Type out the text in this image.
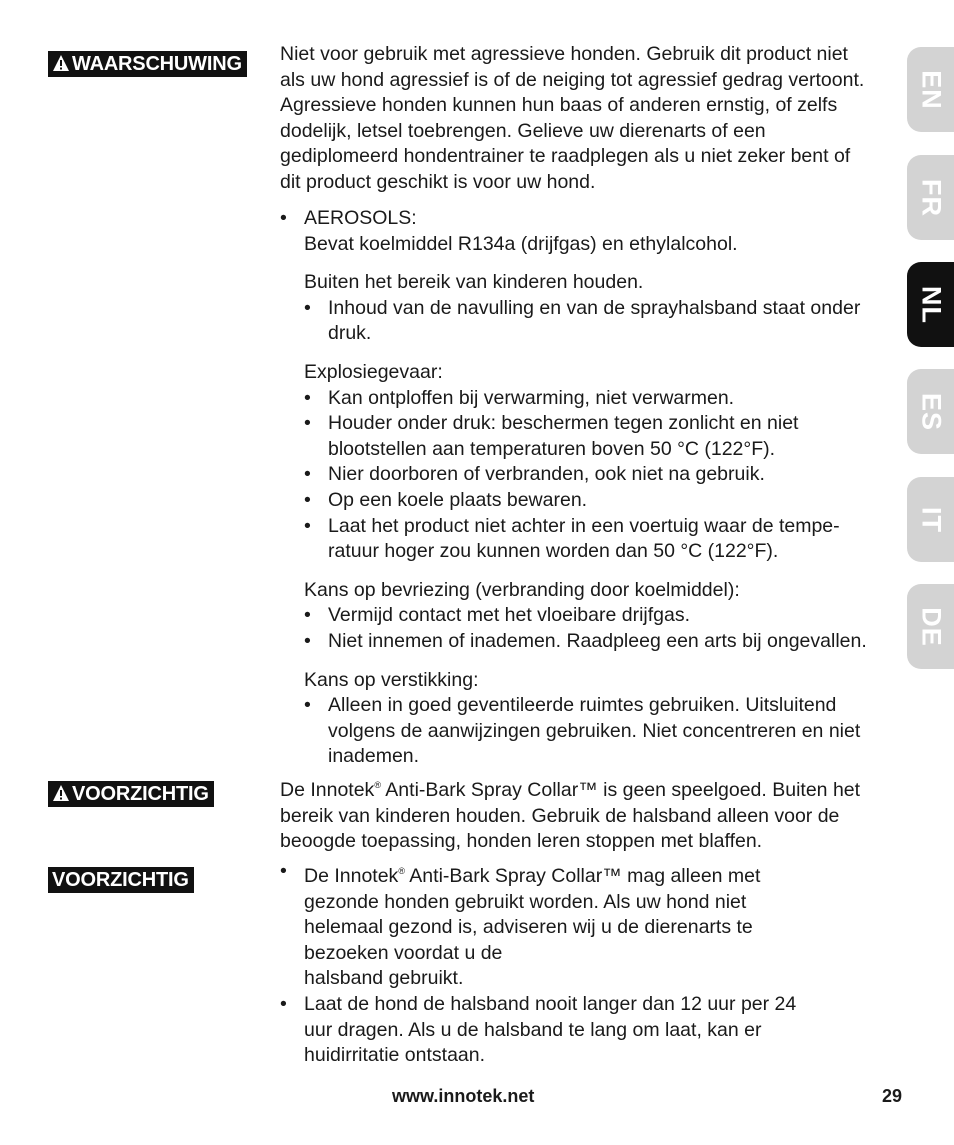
WAARSCHUWING
VOORZICHTIG
VOORZICHTIG

Niet voor gebruik met agressieve honden. Gebruik dit product niet als uw hond agressief is of de neiging tot agressief gedrag vertoont. Agressieve honden kunnen hun baas of anderen ernstig, of zelfs dodelijk, letsel toebrengen. Gelieve uw dierenarts of een gediplomeerd hondentrainer te raadplegen als u niet zeker bent of dit product geschikt is voor uw hond.

• AEROSOLS:
Bevat koelmiddel R134a (drijfgas) en ethylalcohol.
Buiten het bereik van kinderen houden.
• Inhoud van de navulling en van de sprayhalsband staat onder druk.
Explosiegevaar:
• Kan ontploffen bij verwarming, niet verwarmen.
• Houder onder druk: beschermen tegen zonlicht en niet blootstellen aan temperaturen boven 50 °C (122°F).
• Nier doorboren of verbranden, ook niet na gebruik.
• Op een koele plaats bewaren.
• Laat het product niet achter in een voertuig waar de tempe-ratuur hoger zou kunnen worden dan 50 °C (122°F).
Kans op bevriezing (verbranding door koelmiddel):
• Vermijd contact met het vloeibare drijfgas.
• Niet innemen of inademen. Raadpleeg een arts bij ongevallen.
Kans op verstikking:
• Alleen in goed geventileerde ruimtes gebruiken. Uitsluitend volgens de aanwijzingen gebruiken. Niet concentreren en niet inademen.

De Innotek® Anti-Bark Spray Collar™ is geen speelgoed. Buiten het bereik van kinderen houden. Gebruik de halsband alleen voor de beoogde toepassing, honden leren stoppen met blaffen.

• De Innotek® Anti-Bark Spray Collar™ mag alleen met gezonde honden gebruikt worden. Als uw hond niet helemaal gezond is, adviseren wij u de dierenarts te bezoeken voordat u de
halsband gebruikt.
• Laat de hond de halsband nooit langer dan 12 uur per 24 uur dragen. Als u de halsband te lang om laat, kan er huidirritatie ontstaan.
EN
FR
NL
ES
IT
DE
www.innotek.net	29
